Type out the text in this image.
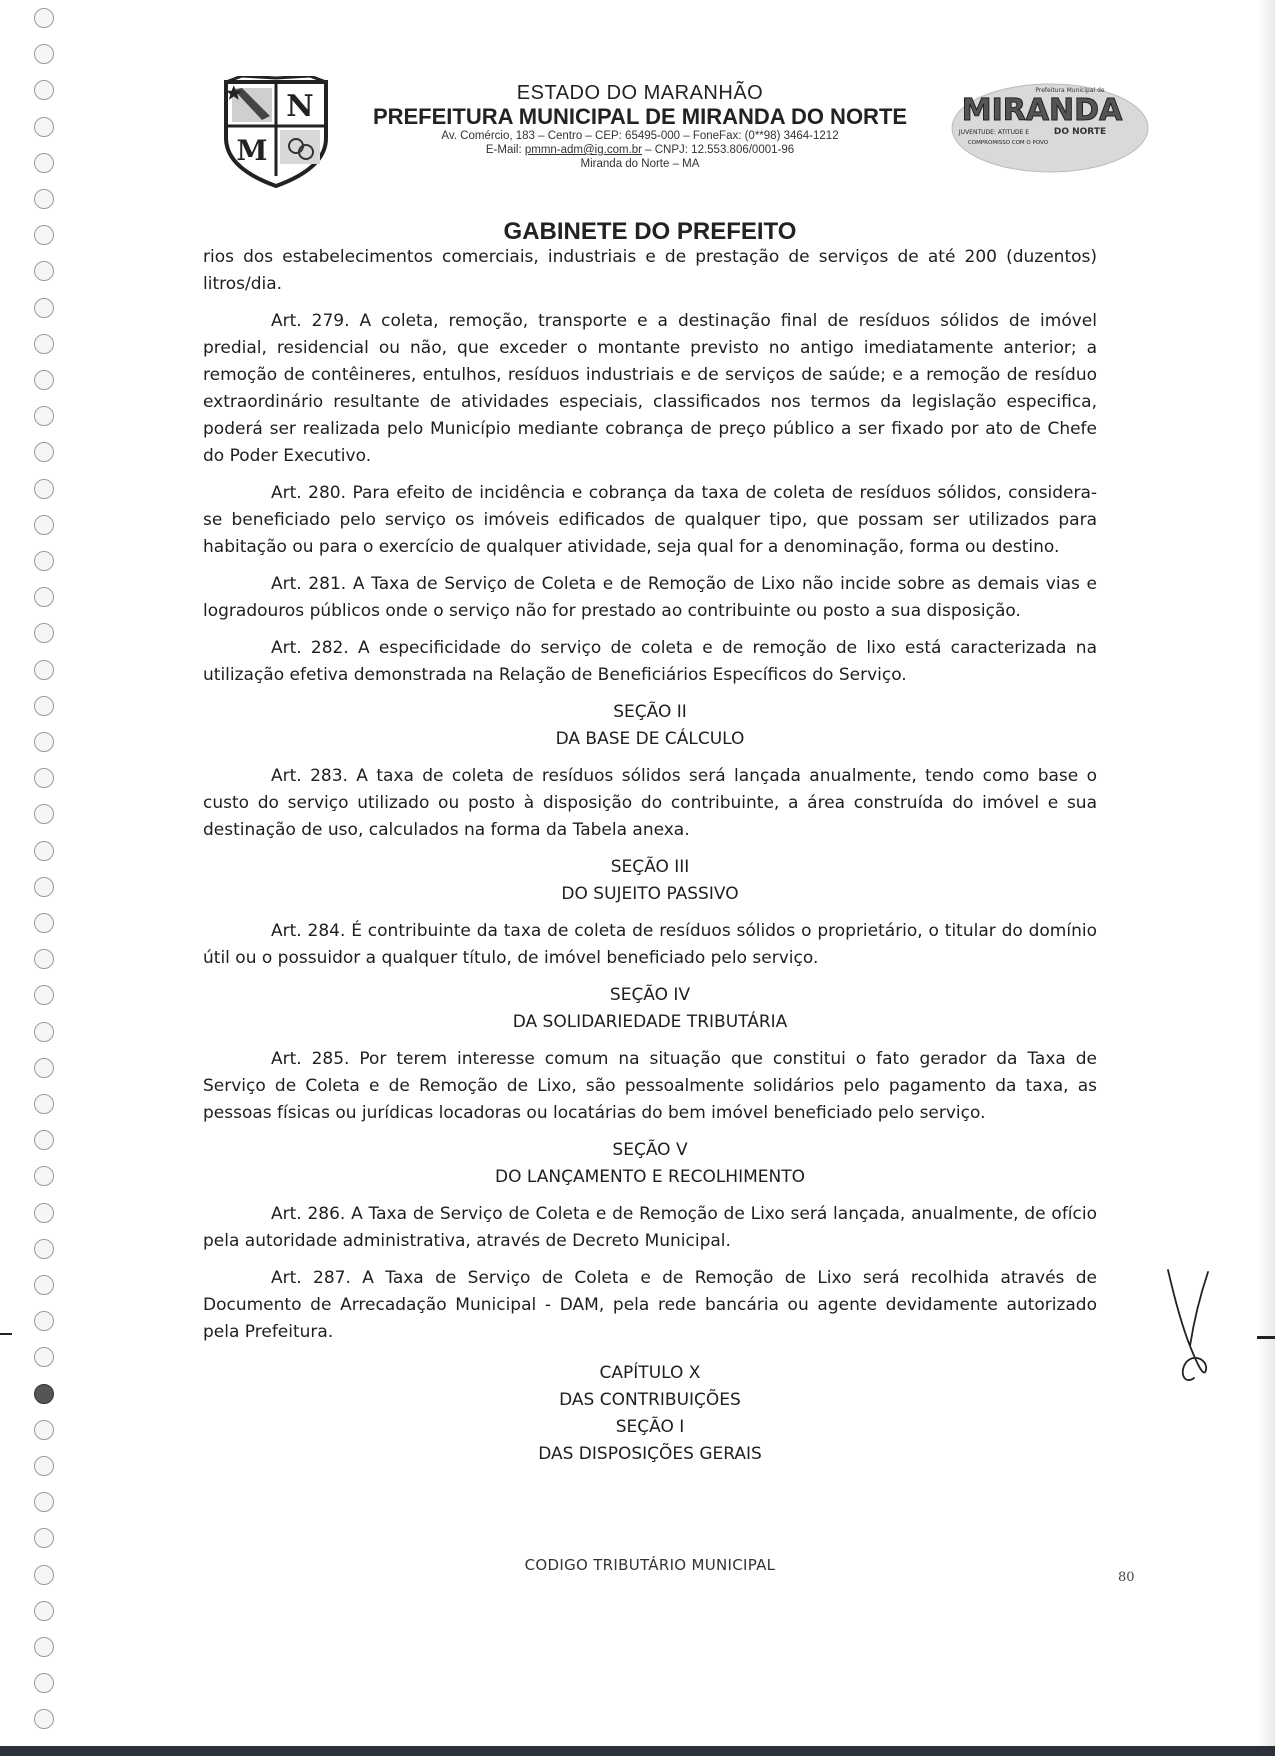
N
M
Prefeitura Municipal de
MIRANDA
JUVENTUDE: ATITUDE E	DO NORTE
COMPROMISSO COM O POVO
ESTADO DO MARANHÃO
PREFEITURA MUNICIPAL DE MIRANDA DO NORTE
Av. Comércio, 183 – Centro – CEP: 65495-000 – FoneFax: (0**98) 3464-1212
E-Mail: pmmn-adm@ig.com.br – CNPJ: 12.553.806/0001-96
Miranda do Norte – MA
GABINETE DO PREFEITO

rios dos estabelecimentos comerciais, industriais e de prestação de serviços de até 200 (duzentos) litros/dia.

Art. 279. A coleta, remoção, transporte e a destinação final de resíduos sólidos de imóvel predial, residencial ou não, que exceder o montante previsto no antigo imediatamente anterior; a remoção de contêineres, entulhos, resíduos industriais e de serviços de saúde; e a remoção de resíduo extraordinário resultante de atividades especiais, classificados nos termos da legislação especifica, poderá ser realizada pelo Município mediante cobrança de preço público a ser fixado por ato de Chefe do Poder Executivo.

Art. 280. Para efeito de incidência e cobrança da taxa de coleta de resíduos sólidos, considera-se beneficiado pelo serviço os imóveis edificados de qualquer tipo, que possam ser utilizados para habitação ou para o exercício de qualquer atividade, seja qual for a denominação, forma ou destino.

Art. 281. A Taxa de Serviço de Coleta e de Remoção de Lixo não incide sobre as demais vias e logradouros públicos onde o serviço não for prestado ao contribuinte ou posto a sua disposição.

Art. 282. A especificidade do serviço de coleta e de remoção de lixo está caracterizada na utilização efetiva demonstrada na Relação de Beneficiários Específicos do Serviço.

SEÇÃO II
DA BASE DE CÁLCULO

Art. 283. A taxa de coleta de resíduos sólidos será lançada anualmente, tendo como base o custo do serviço utilizado ou posto à disposição do contribuinte, a área construída do imóvel e sua destinação de uso, calculados na forma da Tabela anexa.

SEÇÃO III
DO SUJEITO PASSIVO

Art. 284. É contribuinte da taxa de coleta de resíduos sólidos o proprietário, o titular do domínio útil ou o possuidor a qualquer título, de imóvel beneficiado pelo serviço.

SEÇÃO IV
DA SOLIDARIEDADE TRIBUTÁRIA

Art. 285. Por terem interesse comum na situação que constitui o fato gerador da Taxa de Serviço de Coleta e de Remoção de Lixo, são pessoalmente solidários pelo pagamento da taxa, as pessoas físicas ou jurídicas locadoras ou locatárias do bem imóvel beneficiado pelo serviço.

SEÇÃO V
DO LANÇAMENTO E RECOLHIMENTO

Art. 286. A Taxa de Serviço de Coleta e de Remoção de Lixo será lançada, anualmente, de ofício pela autoridade administrativa, através de Decreto Municipal.

Art. 287. A Taxa de Serviço de Coleta e de Remoção de Lixo será recolhida através de Documento de Arrecadação Municipal - DAM, pela rede bancária ou agente devidamente autorizado pela Prefeitura.

CAPÍTULO X
DAS CONTRIBUIÇÕES
SEÇÃO I
DAS DISPOSIÇÕES GERAIS
CODIGO TRIBUTÁRIO MUNICIPAL
80
